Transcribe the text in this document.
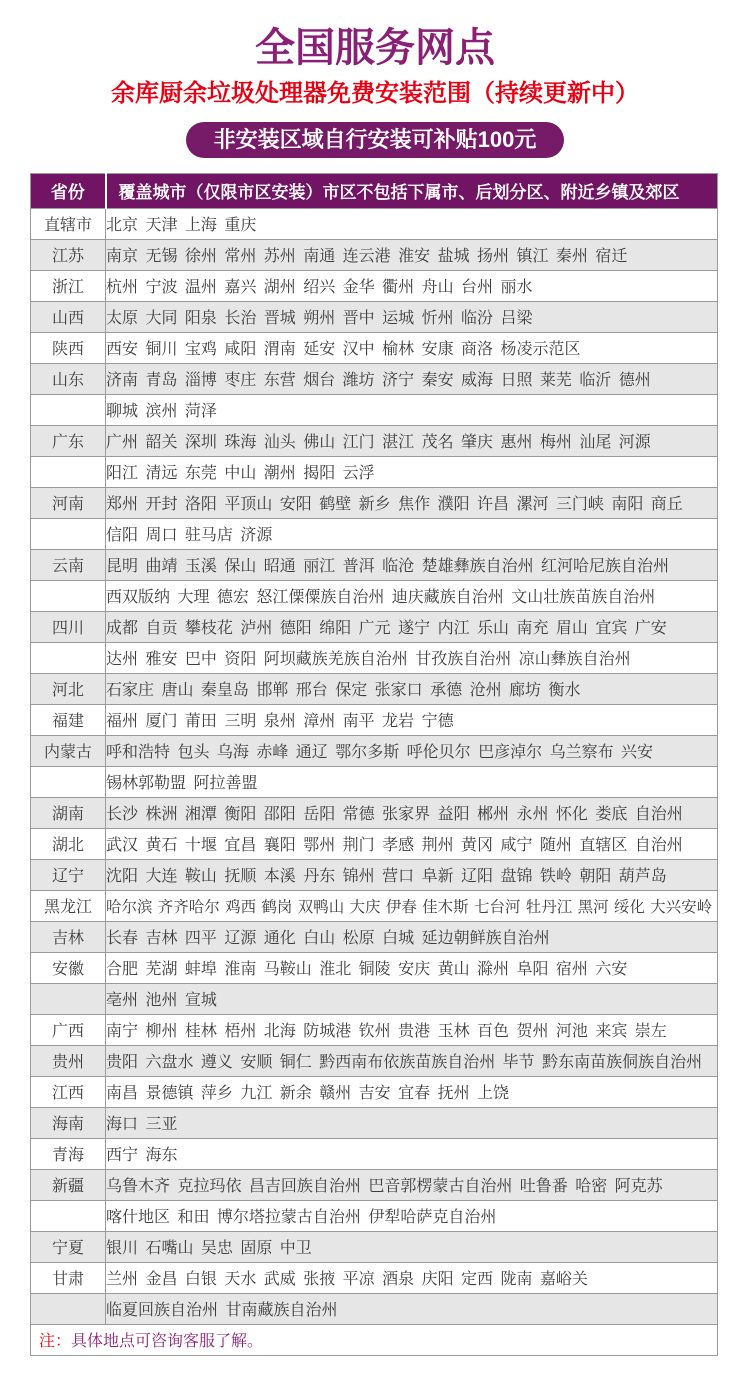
全国服务网点
余库厨余垃圾处理器免费安装范围（持续更新中）
非安装区域自行安装可补贴100元
省份	覆盖城市（仅限市区安装）市区不包括下属市、后划分区、附近乡镇及郊区
直辖市	北京 天津 上海 重庆
江苏	南京 无锡 徐州 常州 苏州 南通 连云港 淮安 盐城 扬州 镇江 秦州 宿迁
浙江	杭州 宁波 温州 嘉兴 湖州 绍兴 金华 衢州 舟山 台州 丽水
山西	太原 大同 阳泉 长治 晋城 朔州 晋中 运城 忻州 临汾 吕梁
陕西	西安 铜川 宝鸡 咸阳 渭南 延安 汉中 榆林 安康 商洛 杨凌示范区
山东	济南 青岛 淄博 枣庄 东营 烟台 潍坊 济宁 秦安 威海 日照 莱芜 临沂 德州
	聊城 滨州 菏泽
广东	广州 韶关 深圳 珠海 汕头 佛山 江门 湛江 茂名 肇庆 惠州 梅州 汕尾 河源
	阳江 清远 东莞 中山 潮州 揭阳 云浮
河南	郑州 开封 洛阳 平顶山 安阳 鹤壁 新乡 焦作 濮阳 许昌 漯河 三门峡 南阳 商丘
	信阳 周口 驻马店 济源
云南	昆明 曲靖 玉溪 保山 昭通 丽江 普洱 临沧 楚雄彝族自治州 红河哈尼族自治州
	西双版纳 大理 德宏 怒江傈僳族自治州 迪庆藏族自治州 文山壮族苗族自治州
四川	成都 自贡 攀枝花 泸州 德阳 绵阳 广元 遂宁 内江 乐山 南充 眉山 宜宾 广安
	达州 雅安 巴中 资阳 阿坝藏族羌族自治州 甘孜族自治州 凉山彝族自治州
河北	石家庄 唐山 秦皇岛 邯郸 邢台 保定 张家口 承德 沧州 廊坊 衡水
福建	福州 厦门 莆田 三明 泉州 漳州 南平 龙岩 宁德
内蒙古	呼和浩特 包头 乌海 赤峰 通辽 鄂尔多斯 呼伦贝尔 巴彦淖尔 乌兰察布 兴安
	锡林郭勒盟 阿拉善盟
湖南	长沙 株洲 湘潭 衡阳 邵阳 岳阳 常德 张家界 益阳 郴州 永州 怀化 娄底 自治州
湖北	武汉 黄石 十堰 宜昌 襄阳 鄂州 荆门 孝感 荆州 黄冈 咸宁 随州 直辖区 自治州
辽宁	沈阳 大连 鞍山 抚顺 本溪 丹东 锦州 营口 阜新 辽阳 盘锦 铁岭 朝阳 葫芦岛
黑龙江	哈尔滨 齐齐哈尔 鸡西 鹤岗 双鸭山 大庆 伊春 佳木斯 七台河 牡丹江 黑河 绥化 大兴安岭
吉林	长春 吉林 四平 辽源 通化 白山 松原 白城 延边朝鲜族自治州
安徽	合肥 芜湖 蚌埠 淮南 马鞍山 淮北 铜陵 安庆 黄山 滁州 阜阳 宿州 六安
	亳州 池州 宣城
广西	南宁 柳州 桂林 梧州 北海 防城港 钦州 贵港 玉林 百色 贺州 河池 来宾 崇左
贵州	贵阳 六盘水 遵义 安顺 铜仁 黔西南布依族苗族自治州 毕节 黔东南苗族侗族自治州
江西	南昌 景德镇 萍乡 九江 新余 赣州 吉安 宜春 抚州 上饶
海南	海口 三亚
青海	西宁 海东
新疆	乌鲁木齐 克拉玛依 昌吉回族自治州 巴音郭楞蒙古自治州 吐鲁番 哈密 阿克苏
	喀什地区 和田 博尔塔拉蒙古自治州 伊犁哈萨克自治州
宁夏	银川 石嘴山 吴忠 固原 中卫
甘肃	兰州 金昌 白银 天水 武威 张掖 平凉 酒泉 庆阳 定西 陇南 嘉峪关
	临夏回族自治州 甘南藏族自治州
注：具体地点可咨询客服了解。	
